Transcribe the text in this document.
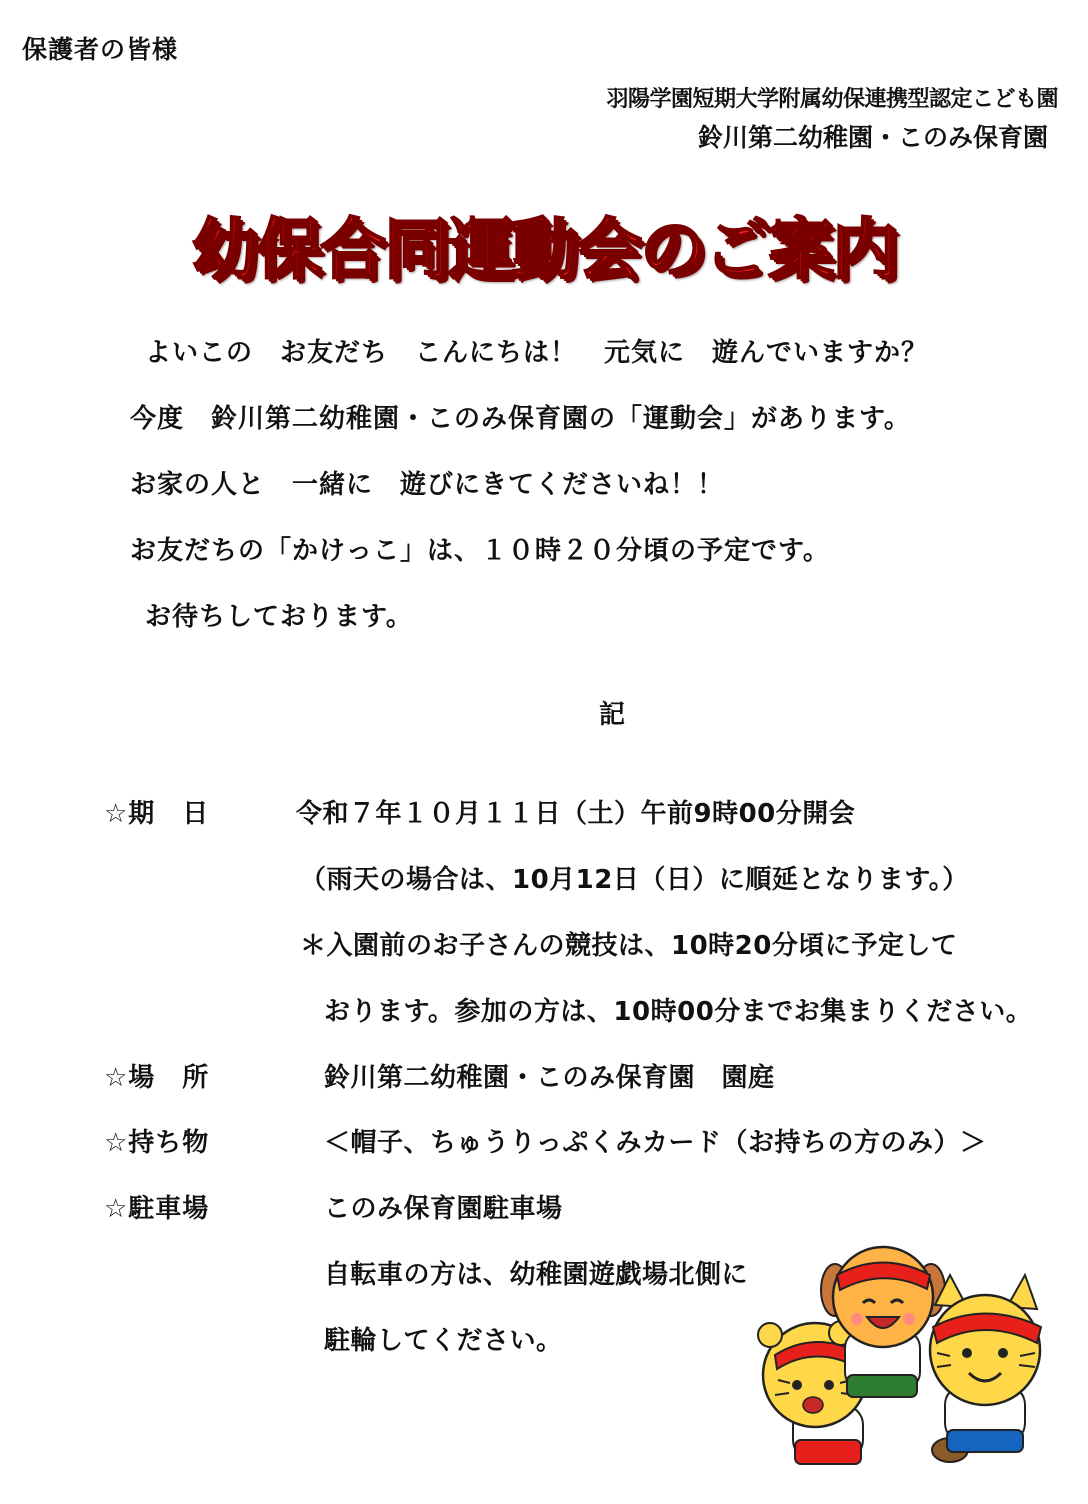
保護者の皆様
羽陽学園短期大学附属幼保連携型認定こども園
鈴川第二幼稚園・このみ保育園
幼保合同運動会のご案内
よいこの　お友だち　こんにちは！　元気に　遊んでいますか？
今度　鈴川第二幼稚園・このみ保育園の「運動会」があります。
お家の人と　一緒に　遊びにきてくださいね！！
お友だちの「かけっこ」は、１０時２０分頃の予定です。
お待ちしております。
記
☆期　日	令和７年１０月１１日（土）午前9時00分開会
（雨天の場合は、10月12日（日）に順延となります。）
＊入園前のお子さんの競技は、10時20分頃に予定して
おります。参加の方は、10時00分までお集まりください。
☆場　所	鈴川第二幼稚園・このみ保育園　園庭
☆持ち物	＜帽子、ちゅうりっぷくみカード（お持ちの方のみ）＞
☆駐車場	このみ保育園駐車場
自転車の方は、幼稚園遊戯場北側に
駐輪してください。
